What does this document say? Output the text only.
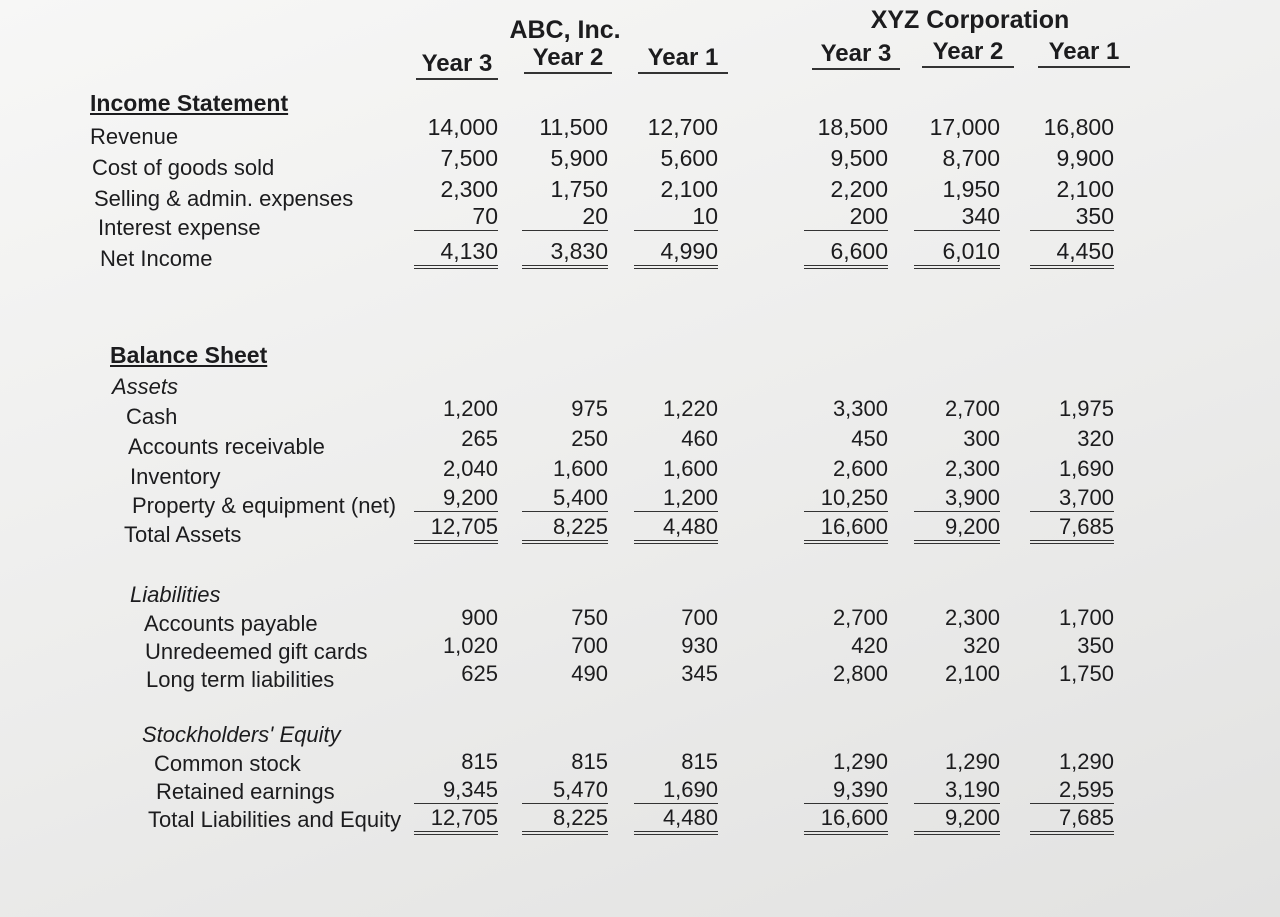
ABC, Inc.	XYZ Corporation
Year 3	Year 2	Year 1	Year 3	Year 2	Year 1
Income Statement
Revenue	14,000	11,500	12,700	18,500	17,000	16,800
Cost of goods sold	7,500	5,900	5,600	9,500	8,700	9,900
Selling & admin. expenses	2,300	1,750	2,100	2,200	1,950	2,100
Interest expense	70	20	10	200	340	350
Net Income	4,130	3,830	4,990	6,600	6,010	4,450
Balance Sheet
Assets
Cash	1,200	975	1,220	3,300	2,700	1,975
Accounts receivable	265	250	460	450	300	320
Inventory	2,040	1,600	1,600	2,600	2,300	1,690
Property & equipment (net)	9,200	5,400	1,200	10,250	3,900	3,700
Total Assets	12,705	8,225	4,480	16,600	9,200	7,685
Liabilities
Accounts payable	900	750	700	2,700	2,300	1,700
Unredeemed gift cards	1,020	700	930	420	320	350
Long term liabilities	625	490	345	2,800	2,100	1,750
Stockholders' Equity
Common stock	815	815	815	1,290	1,290	1,290
Retained earnings	9,345	5,470	1,690	9,390	3,190	2,595
Total Liabilities and Equity	12,705	8,225	4,480	16,600	9,200	7,685
